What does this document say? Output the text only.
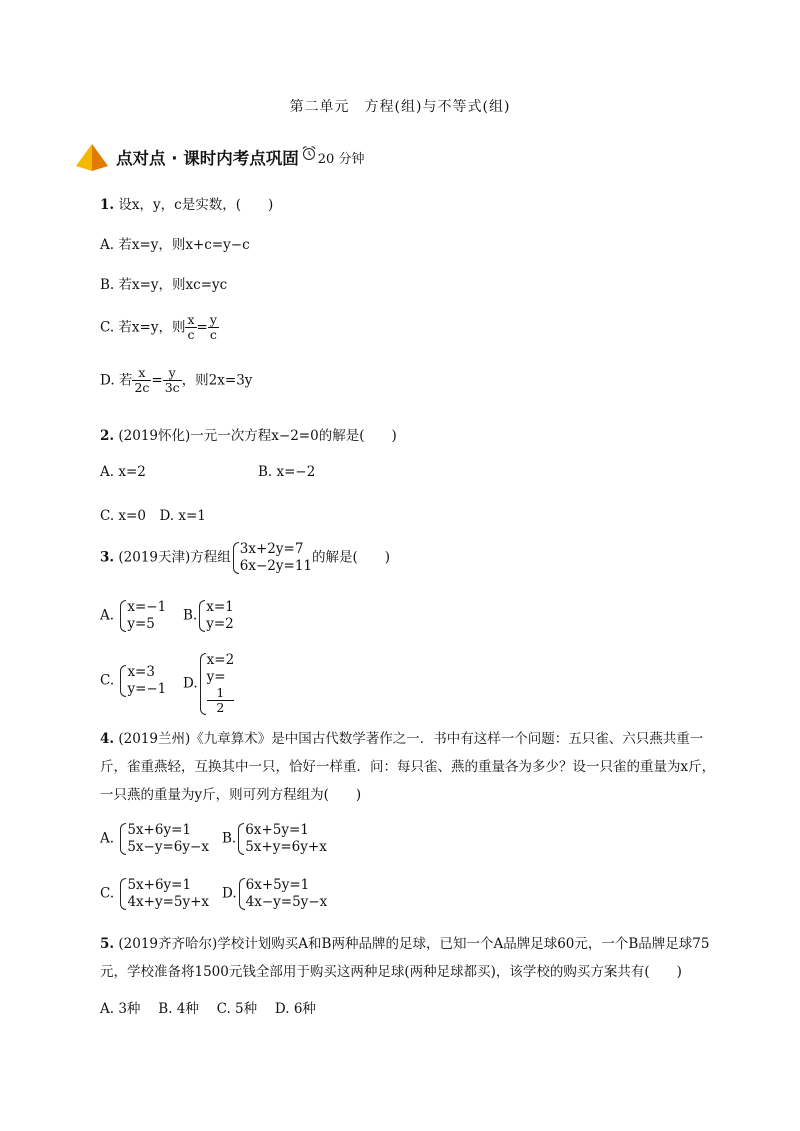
第二单元　方程(组)与不等式(组)
点对点 · 课时内考点巩固 20 分钟
1. 设x，y，c是实数，(　　)
A. 若x=y，则x+c=y−c
B. 若x=y，则xc=yc
C. 若x=y，则 $\frac{x}{c} = \frac{y}{c}$
D. 若 $\frac{x}{2c} = \frac{y}{3c}$ ，则2x=3y
2. (2019怀化)一元一次方程x−2=0的解是(　　)
A. x=2	B. x=−2
C. x=0　D. x=1
3. (2019天津)方程组
3x+2y=7
6x−2y=11
的解是(　　)
A.
x=−1
y=5
B.
x=1
y=2
C.
x=3
y=−1 D.
x=2
y=
1
2
4. (2019兰州)《九章算术》是中国古代数学著作之一．书中有这样一个问题：五只雀、六只燕共重一斤，雀重燕轻，互换其中一只，恰好一样重．问：每只雀、燕的重量各为多少？设一只雀的重量为x斤，一只燕的重量为y斤，则可列方程组为(　　)
A.
5x+6y=1
5x−y=6y−x
B.
6x+5y=1
5x+y=6y+x
C.
5x+6y=1
4x+y=5y+x
D.
6x+5y=1
4x−y=5y−x
5. (2019齐齐哈尔)学校计划购买A和B两种品牌的足球，已知一个A品牌足球60元，一个B品牌足球75元，学校准备将1500元钱全部用于购买这两种足球(两种足球都买)，该学校的购买方案共有(　　)
A. 3种　 B. 4种　 C. 5种　 D. 6种
